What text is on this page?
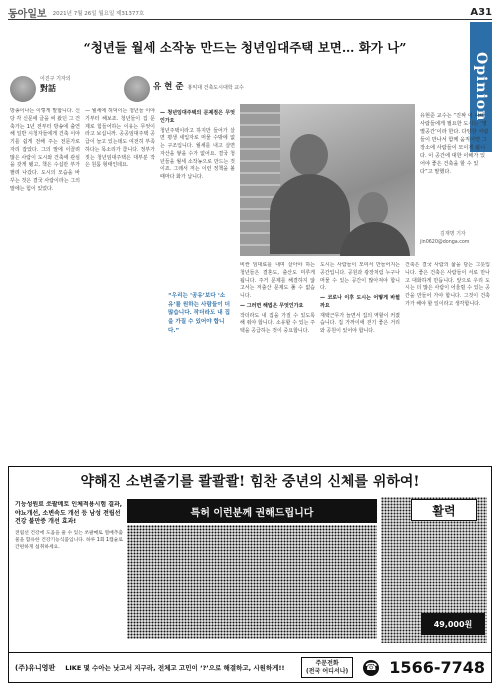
동아일보 2021년 7월 26일 월요일 제31377호	A31
Opinion
“청년들 월세 소작농 만드는 청년임대주택 보면… 화가 나”
이진구 기자의
對話	유 현 준 홍익대 건축도시대학 교수
방송이나는 이렇게 말합니다. 신당 각 신문에 글을 써 왔던 그 건축가는 1년 전부터 방송에 출연해 일반 시청자들에게 건축 이야기를 쉽게 전해 주는 전문가로 자리 잡았다. 그의 말에 이끌려 많은 사람이 도시와 건축에 관심을 갖게 됐고, 책은 수십만 부가 팔려 나갔다. 도시의 모습을 바꾸는 것은 결국 사람이라는 그의 말에는 힘이 있었다.
— 월세에 허덕이는 청년들 이야기부터 해보죠. 청년들이 집 문제로 힘들어하는 이유는 무엇이라고 보십니까. 공공임대주택 공급이 늘고 있는데도 여전히 부족하다는 목소리가 큽니다. 정부가 짓는 청년임대주택은 대부분 작은 원룸 형태인데요.
— 청년임대주택의 문제점은 무엇인가요
청년주택이라고 하지만 들어가 살면 평생 세입자로 머물 수밖에 없는 구조입니다. 월세를 내고 살면 자산을 쌓을 수가 없어요. 결국 청년들을 월세 소작농으로 만드는 것이죠. 그래서 저는 이런 정책을 볼 때마다 화가 납니다.
“우리는 ‘공유’보다 ‘소유’를 원하는 사람들이 더 많습니다. 작더라도 내 집을 가질 수 있어야 합니다.”
유현준 교수는 “진짜 이 시대 사람들에게 필요한 도시는 ‘별별공간’이라 한다. 다양한 사람들이 만나서 함께 움직이면 그 장소에 사람들이 모이게 됩니다. 이 공간에 대한 이해가 있어야 좋은 건축을 할 수 있다”고 말했다.
김재명 기자
jin0620@donga.com
비싼 임대료를 내며 살아야 하는 청년들은 결혼도, 출산도 미루게 됩니다. 주거 문제를 해결하지 않고서는 저출산 문제도 풀 수 없습니다.
— 그러면 해법은 무엇인가요
작더라도 내 집을 가질 수 있도록 해 줘야 합니다. 소유할 수 있는 주택을 공급하는 것이 중요합니다.
도시는 사람들이 모여서 만들어지는 공간입니다. 공원과 광장처럼 누구나 머물 수 있는 공간이 많아져야 합니다.
— 코로나 이후 도시는 어떻게 바뀔까요
재택근무가 늘면서 집의 역할이 커졌습니다. 집 가까이에 걷기 좋은 거리와 공원이 있어야 합니다.
건축은 결국 사람의 삶을 담는 그릇입니다. 좋은 건축은 사람들이 서로 만나고 대화하게 만듭니다. 앞으로 우리 도시는 더 많은 사람이 어울릴 수 있는 공간을 만들어 가야 합니다. 그것이 건축가가 해야 할 일이라고 생각합니다.
약해진 소변줄기를 콸콸콸! 힘찬 중년의 신체를 위하여!
기능성원료 쏘팔메토 인체적용시험 결과, 야뇨개선, 소변속도 개선 등 남성 전립선 건강 불만증 개선 효과!
전립선 건강에 도움을 줄 수 있는 쏘팔메토 열매추출물을 함유한 건강기능식품입니다. 하루 1회 1캡슐로 간편하게 섭취하세요.
특허 이런분께 권해드립니다	활력
49,000원
(주)유니영판 LIKE 몇 수아는 낫고서 지구라, 전체고 고민이 ‘?’으로 해결하고, 시원하게!!
주문전화
(전국 어디서나)	☎ 1566-7748
